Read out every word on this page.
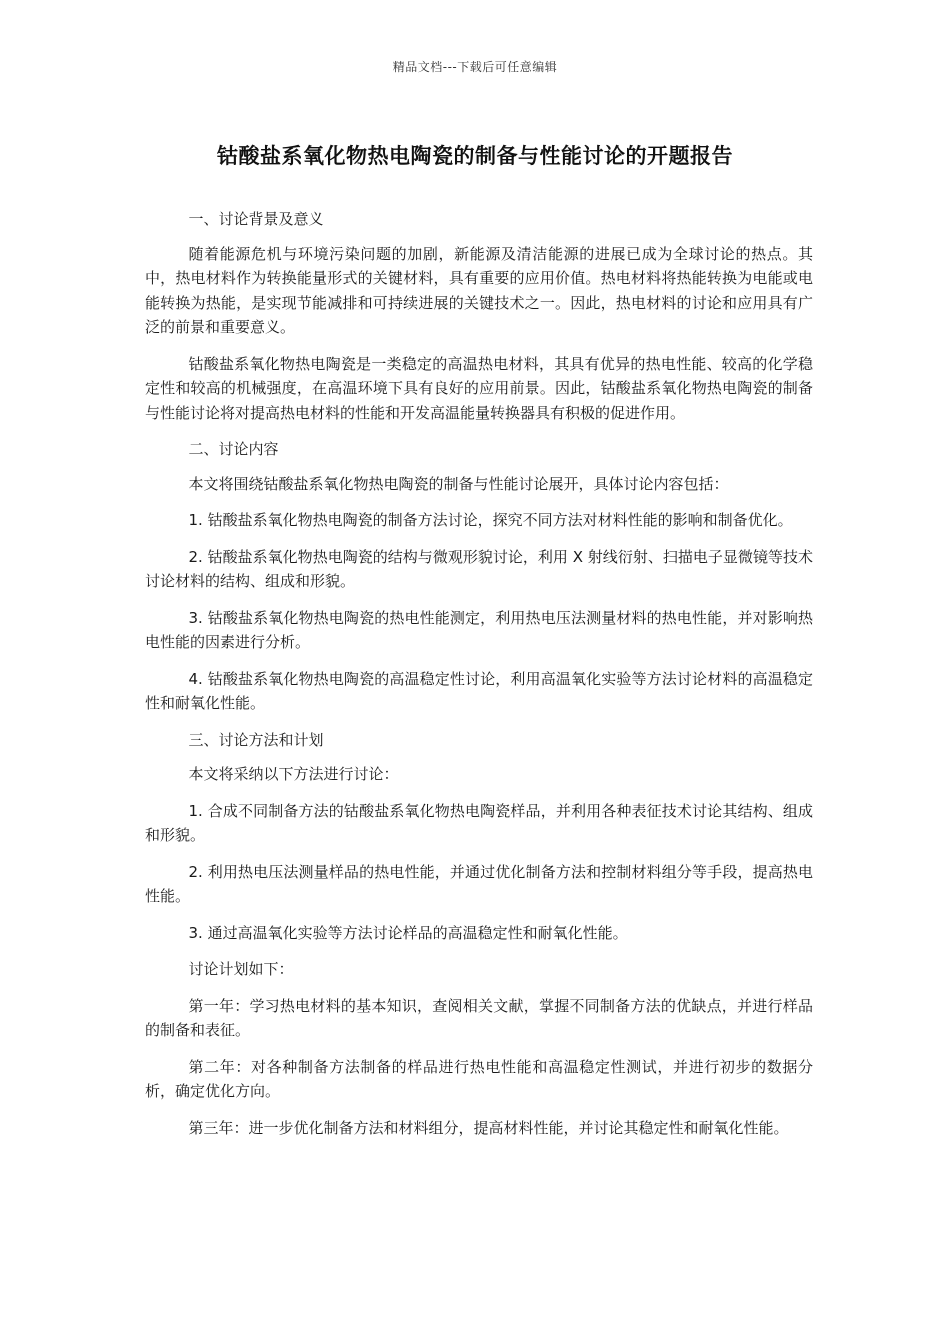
精品文档---下载后可任意编辑
钴酸盐系氧化物热电陶瓷的制备与性能讨论的开题报告

一、讨论背景及意义

随着能源危机与环境污染问题的加剧，新能源及清洁能源的进展已成为全球讨论的热点。其中，热电材料作为转换能量形式的关键材料，具有重要的应用价值。热电材料将热能转换为电能或电能转换为热能，是实现节能减排和可持续进展的关键技术之一。因此，热电材料的讨论和应用具有广泛的前景和重要意义。

钴酸盐系氧化物热电陶瓷是一类稳定的高温热电材料，其具有优异的热电性能、较高的化学稳定性和较高的机械强度，在高温环境下具有良好的应用前景。因此，钴酸盐系氧化物热电陶瓷的制备与性能讨论将对提高热电材料的性能和开发高温能量转换器具有积极的促进作用。

二、讨论内容

本文将围绕钴酸盐系氧化物热电陶瓷的制备与性能讨论展开，具体讨论内容包括：

1. 钴酸盐系氧化物热电陶瓷的制备方法讨论，探究不同方法对材料性能的影响和制备优化。

2. 钴酸盐系氧化物热电陶瓷的结构与微观形貌讨论，利用 X 射线衍射、扫描电子显微镜等技术讨论材料的结构、组成和形貌。

3. 钴酸盐系氧化物热电陶瓷的热电性能测定，利用热电压法测量材料的热电性能，并对影响热电性能的因素进行分析。

4. 钴酸盐系氧化物热电陶瓷的高温稳定性讨论，利用高温氧化实验等方法讨论材料的高温稳定性和耐氧化性能。

三、讨论方法和计划

本文将采纳以下方法进行讨论：

1. 合成不同制备方法的钴酸盐系氧化物热电陶瓷样品，并利用各种表征技术讨论其结构、组成和形貌。

2. 利用热电压法测量样品的热电性能，并通过优化制备方法和控制材料组分等手段，提高热电性能。

3. 通过高温氧化实验等方法讨论样品的高温稳定性和耐氧化性能。

讨论计划如下：

第一年：学习热电材料的基本知识，查阅相关文献，掌握不同制备方法的优缺点，并进行样品的制备和表征。

第二年：对各种制备方法制备的样品进行热电性能和高温稳定性测试，并进行初步的数据分析，确定优化方向。

第三年：进一步优化制备方法和材料组分，提高材料性能，并讨论其稳定性和耐氧化性能。
